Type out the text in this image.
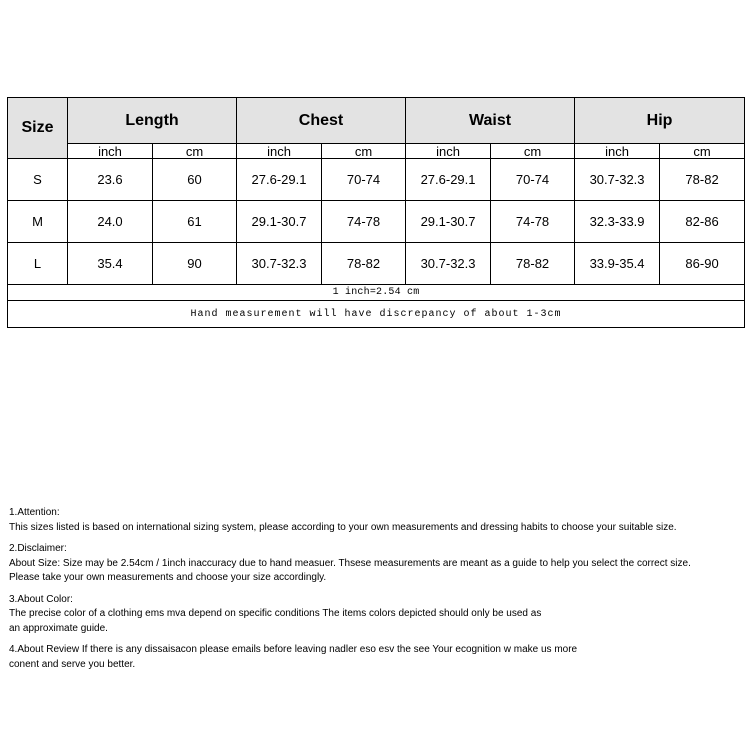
Size	Length		Chest		Waist		Hip	
	inch	cm	inch	cm	inch	cm	inch	cm
S	23.6	60	27.6-29.1	70-74	27.6-29.1	70-74	30.7-32.3	78-82
M	24.0	61	29.1-30.7	74-78	29.1-30.7	74-78	32.3-33.9	82-86
L	35.4	90	30.7-32.3	78-82	30.7-32.3	78-82	33.9-35.4	86-90
1 inch=2.54 cm								
Hand measurement will have discrepancy of about 1-3cm								
1.Attention:
This sizes listed is based on international sizing system, please according to your own measurements and dressing habits to choose your suitable size.
2.Disclaimer:
About Size: Size may be 2.54cm / 1inch inaccuracy due to hand measuer. Thsese measurements are meant as a guide to help you select the correct size.
Please take your own measurements and choose your size accordingly.
3.About Color:
The precise color of a clothing ems mva depend on specific conditions The items colors depicted should only be used as
an approximate guide.
4.About Review If there is any dissaisacon please emails before leaving nadler eso esv the see Your ecognition w make us more
conent and serve you better.
